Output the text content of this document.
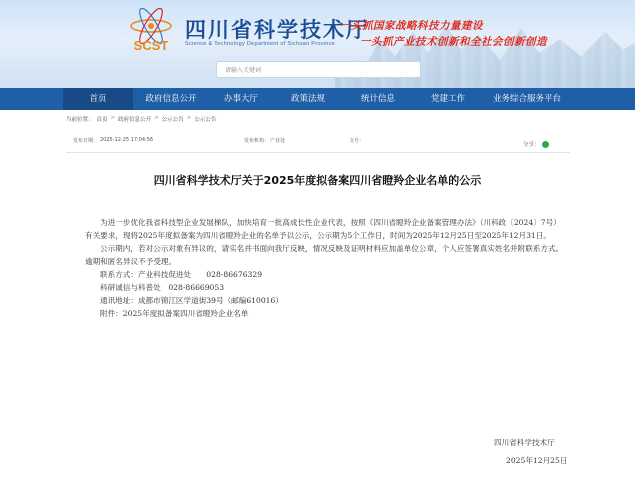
SCST
四川省科学技术厅
Science & Technology Department of Sichuan Province
一头抓国家战略科技力量建设
一头抓产业技术创新和全社会创新创造
请输入关键词
首页	政府信息公开	办事大厅	政策法规	统计信息	党建工作	业务综合服务平台
当前位置： 首页 > 政府信息公开 > 公示公告 > 公示公告
发布日期： 2025-12-25 17:04:56	发布机构： 产业处	文号：
分享：
四川省科学技术厅关于2025年度拟备案四川省瞪羚企业名单的公示

为进一步优化我省科技型企业发展梯队，加快培育一批高成长性企业代表，按照《四川省瞪羚企业备案管理办法》（川科政〔2024〕7号）有关要求，现将2025年度拟备案为四川省瞪羚企业的名单予以公示，公示期为5个工作日，时间为2025年12月25日至2025年12月31日。

公示期内，若对公示对象有异议的，请实名并书面向我厅反映，情况反映及证明材料应加盖单位公章，个人应签署真实姓名并附联系方式。逾期和匿名异议不予受理。

联系方式：产业科技促进处　　028-86676329

科研诚信与科普处　028-86669053

通讯地址：成都市锦江区学道街39号（邮编610016）

附件：2025年度拟备案四川省瞪羚企业名单

四川省科学技术厅
2025年12月25日
